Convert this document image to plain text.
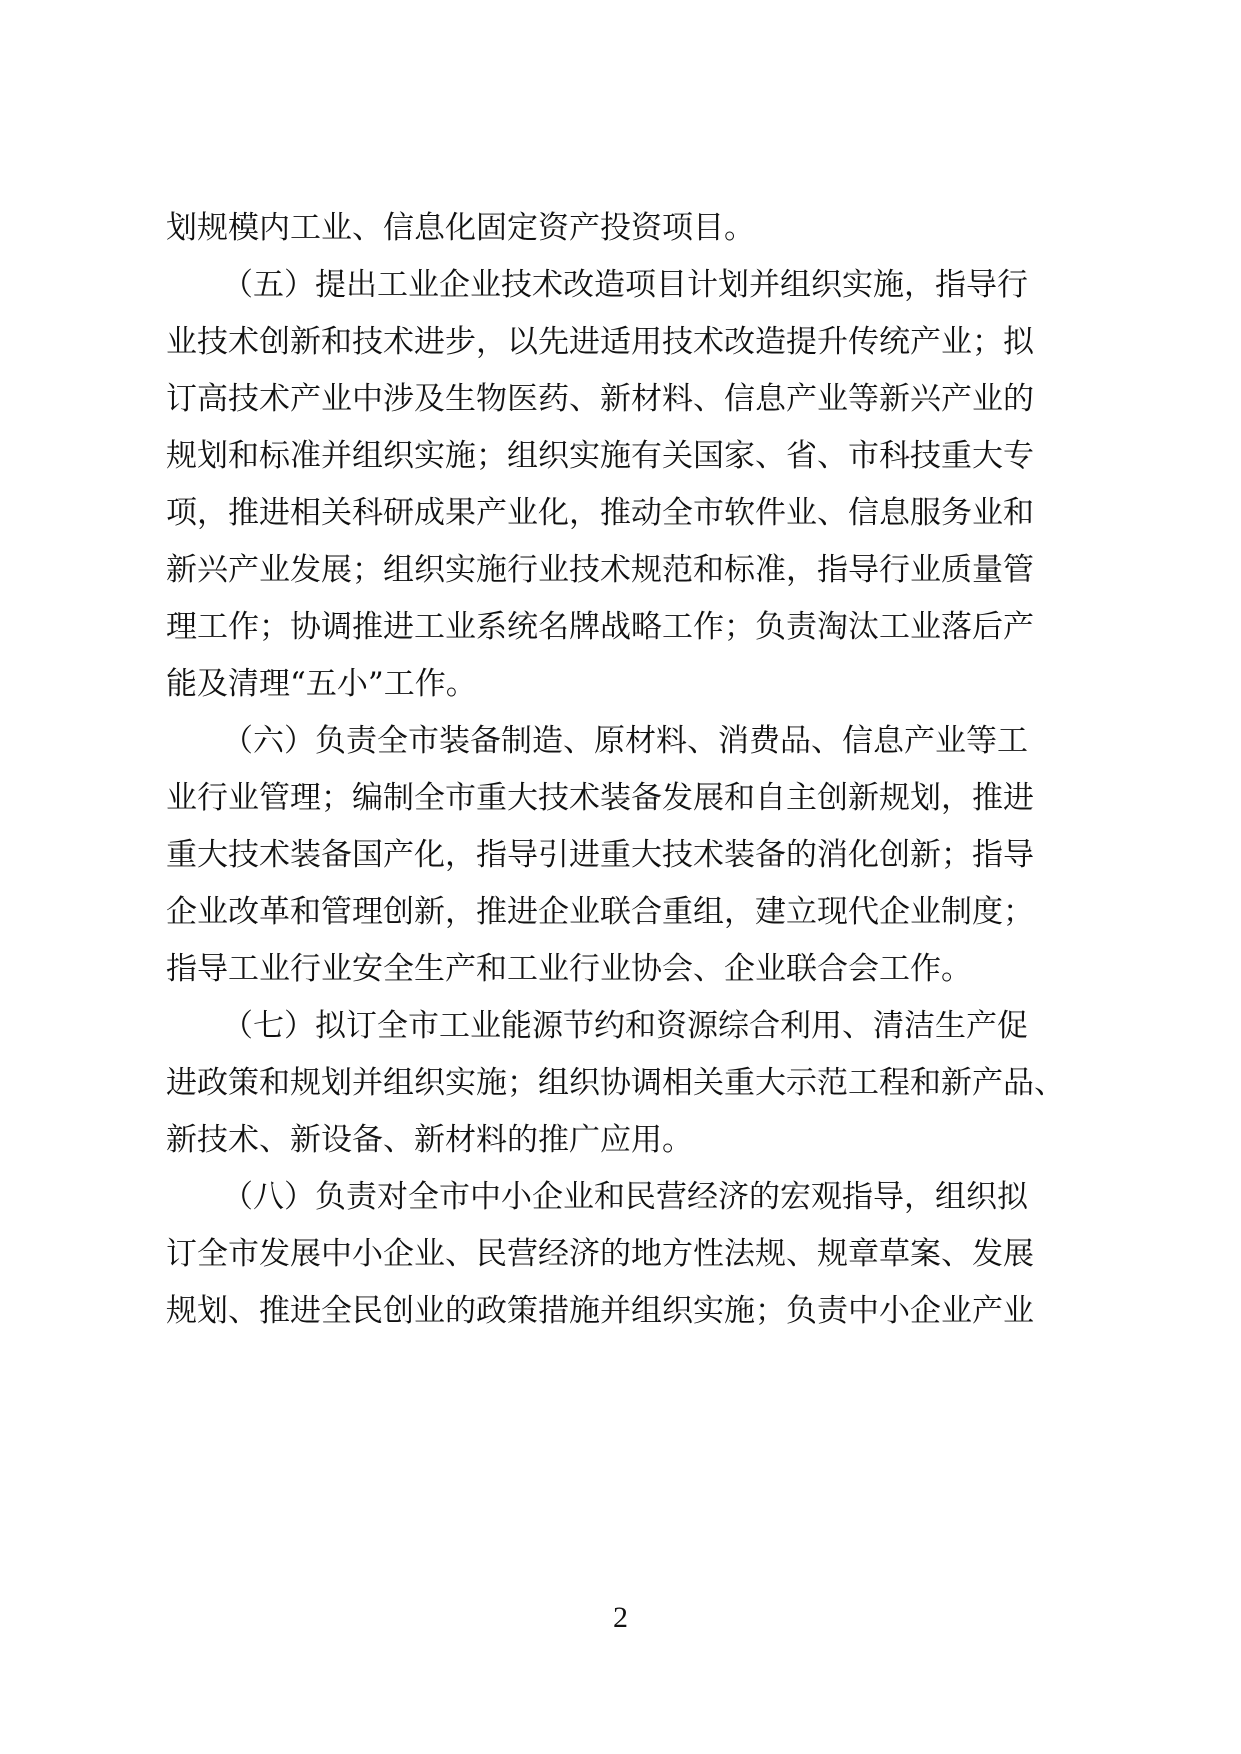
划规模内工业、信息化固定资产投资项目。
（五）提出工业企业技术改造项目计划并组织实施，指导行
业技术创新和技术进步，以先进适用技术改造提升传统产业；拟
订高技术产业中涉及生物医药、新材料、信息产业等新兴产业的
规划和标准并组织实施；组织实施有关国家、省、市科技重大专
项，推进相关科研成果产业化，推动全市软件业、信息服务业和
新兴产业发展；组织实施行业技术规范和标准，指导行业质量管
理工作；协调推进工业系统名牌战略工作；负责淘汰工业落后产
能及清理“五小”工作。
（六）负责全市装备制造、原材料、消费品、信息产业等工
业行业管理；编制全市重大技术装备发展和自主创新规划，推进
重大技术装备国产化，指导引进重大技术装备的消化创新；指导
企业改革和管理创新，推进企业联合重组，建立现代企业制度；
指导工业行业安全生产和工业行业协会、企业联合会工作。
（七）拟订全市工业能源节约和资源综合利用、清洁生产促
进政策和规划并组织实施；组织协调相关重大示范工程和新产品、
新技术、新设备、新材料的推广应用。
（八）负责对全市中小企业和民营经济的宏观指导，组织拟
订全市发展中小企业、民营经济的地方性法规、规章草案、发展
规划、推进全民创业的政策措施并组织实施；负责中小企业产业
2
